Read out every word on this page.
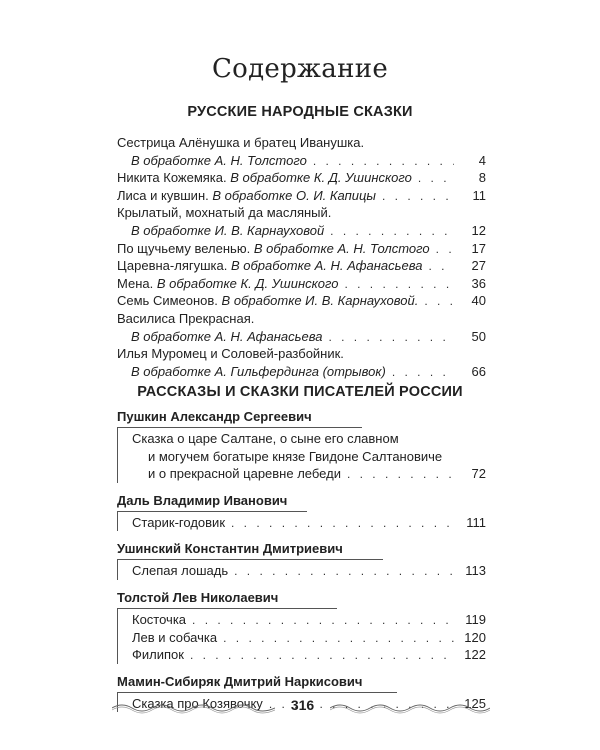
Содержание
РУССКИЕ НАРОДНЫЕ СКАЗКИ
Сестрица Алёнушка и братец Иванушка.
В обработке А. Н. Толстого . . .	4
Никита Кожемяка. В обработке К. Д. Ушинского . . .	8
Лиса и кувшин. В обработке О. И. Капицы . . .	11
Крылатый, мохнатый да масляный.
В обработке И. В. Карнауховой . . .	12
По щучьему веленью. В обработке А. Н. Толстого . . .	17
Царевна-лягушка. В обработке А. Н. Афанасьева . . .	27
Мена. В обработке К. Д. Ушинского . . .	36
Семь Симеонов. В обработке И. В. Карнауховой. . . .	40
Василиса Прекрасная.
В обработке А. Н. Афанасьева . . .	50
Илья Муромец и Соловей-разбойник.
В обработке А. Гильфердинга (отрывок) . . .	66
РАССКАЗЫ И СКАЗКИ ПИСАТЕЛЕЙ РОССИИ
Пушкин Александр Сергеевич
Сказка о царе Салтане, о сыне его славном
и могучем богатыре князе Гвидоне Салтановиче
и о прекрасной царевне лебеди . . .	72
Даль Владимир Иванович
Старик-годовик . . .	111
Ушинский Константин Дмитриевич
Слепая лошадь . . .	113
Толстой Лев Николаевич
Косточка . . .	119
Лев и собачка . . .	120
Филипок . . .	122
Мамин-Сибиряк Дмитрий Наркисович
Сказка про Козявочку . . .	125
316
